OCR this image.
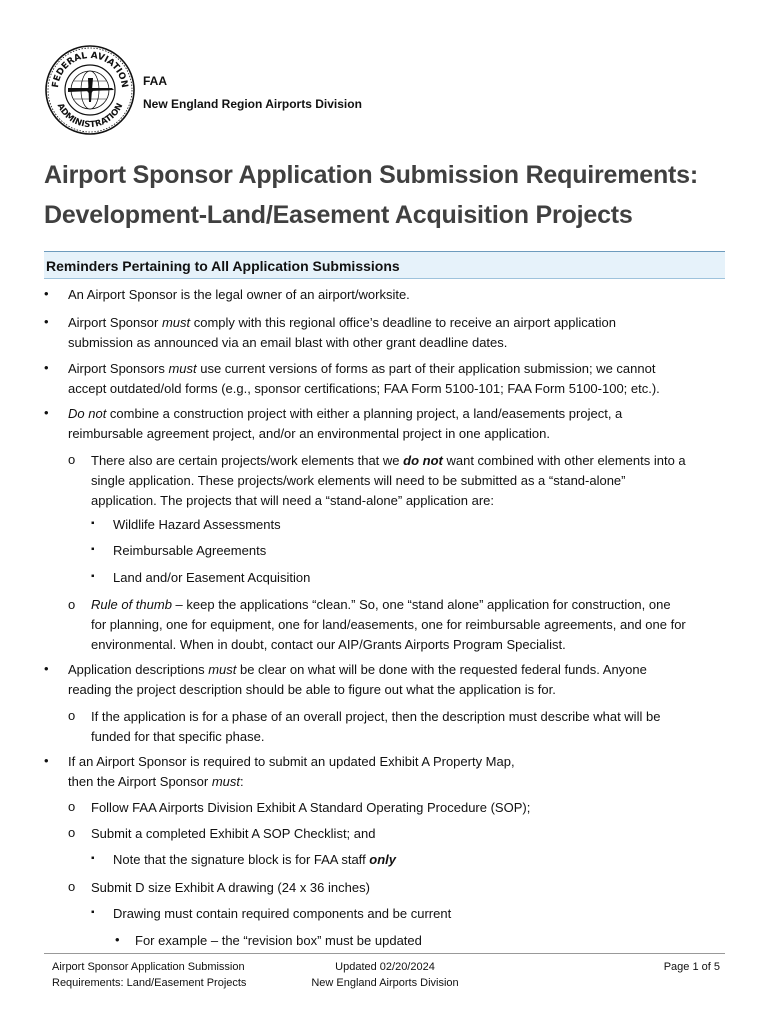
FEDERAL AVIATION
ADMINISTRATION
FAA
New England Region Airports Division
Airport Sponsor Application Submission Requirements:
Development-Land/Easement Acquisition Projects
Reminders Pertaining to All Application Submissions
• An Airport Sponsor is the legal owner of an airport/worksite.

• Airport Sponsor must comply with this regional office’s deadline to receive an airport application
submission as announced via an email blast with other grant deadline dates.

• Airport Sponsors must use current versions of forms as part of their application submission; we cannot
accept outdated/old forms (e.g., sponsor certifications; FAA Form 5100-101; FAA Form 5100-100; etc.).

• Do not combine a construction project with either a planning project, a land/easements project, a
reimbursable agreement project, and/or an environmental project in one application.

o There also are certain projects/work elements that we do not want combined with other elements into a
single application. These projects/work elements will need to be submitted as a “stand-alone”
application. The projects that will need a “stand-alone” application are:

▪ Wildlife Hazard Assessments

▪ Reimbursable Agreements

▪ Land and/or Easement Acquisition

o Rule of thumb – keep the applications “clean.” So, one “stand alone” application for construction, one
for planning, one for equipment, one for land/easements, one for reimbursable agreements, and one for
environmental. When in doubt, contact our AIP/Grants Airports Program Specialist.

• Application descriptions must be clear on what will be done with the requested federal funds. Anyone
reading the project description should be able to figure out what the application is for.

o If the application is for a phase of an overall project, then the description must describe what will be
funded for that specific phase.

• If an Airport Sponsor is required to submit an updated Exhibit A Property Map,
then the Airport Sponsor must:

o Follow FAA Airports Division Exhibit A Standard Operating Procedure (SOP);

o Submit a completed Exhibit A SOP Checklist; and

▪ Note that the signature block is for FAA staff only

o Submit D size Exhibit A drawing (24 x 36 inches)

▪ Drawing must contain required components and be current

• For example – the “revision box” must be updated

Airport Sponsor Application Submission
Requirements: Land/Easement Projects
Updated 02/20/2024
New England Airports Division
Page 1 of 5
